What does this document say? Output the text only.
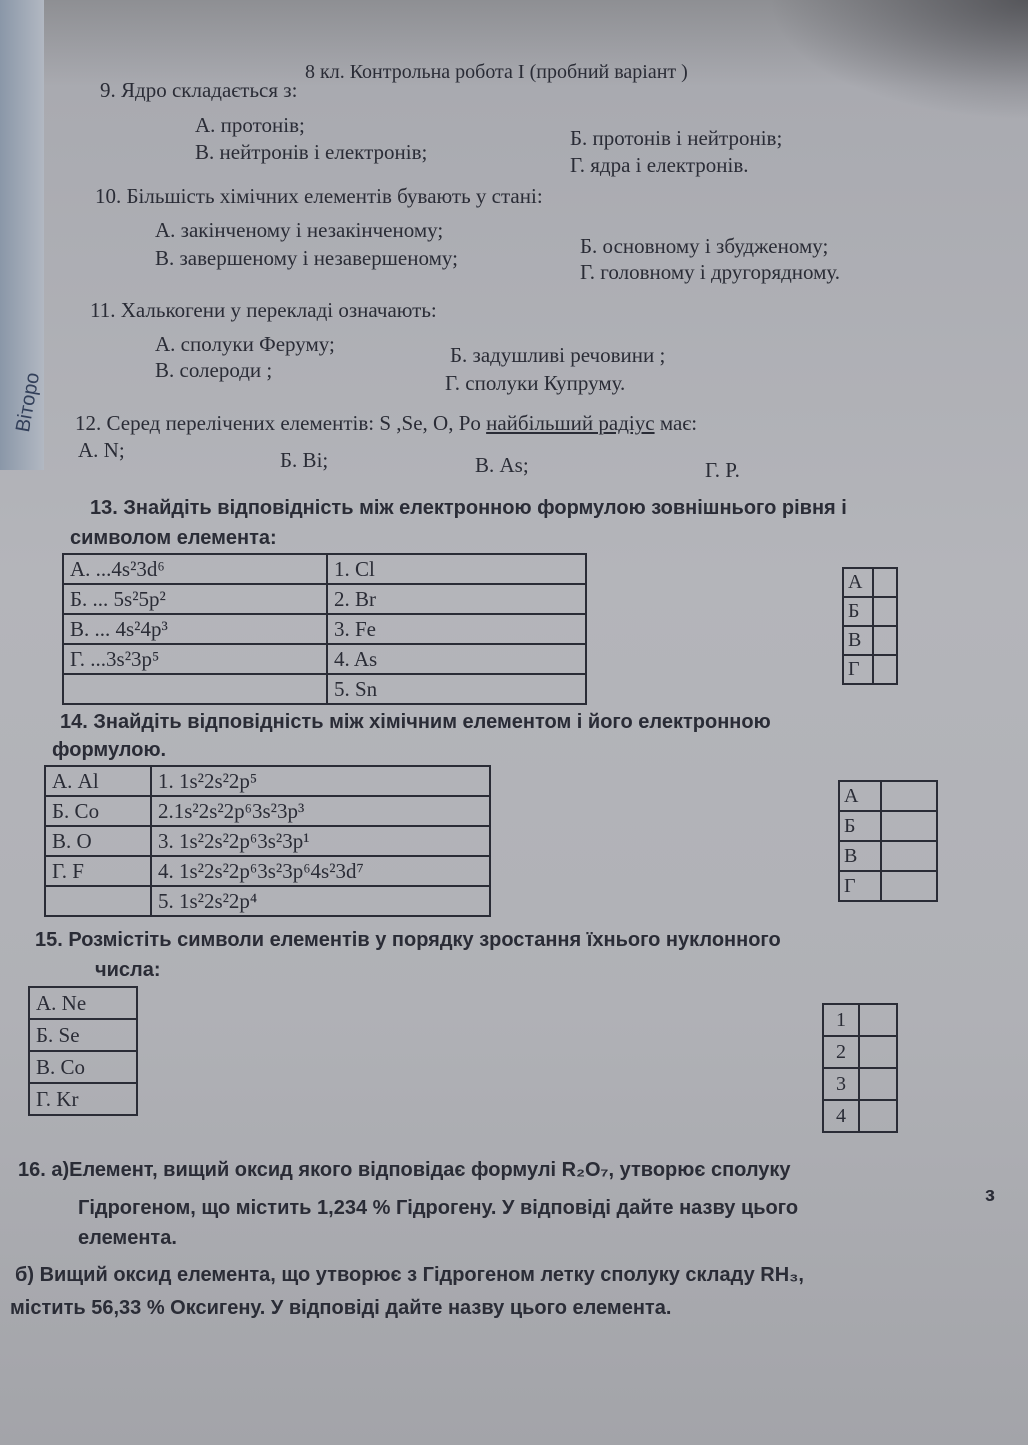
Віторо
8 кл. Контрольна робота І (пробний варіант )
9. Ядро складається з:
А. протонів;
Б. протонів і нейтронів;
В. нейтронів і електронів;
Г. ядра і електронів.
10. Більшість хімічних елементів бувають у стані:
А. закінченому і незакінченому;
Б. основному і збудженому;
В. завершеному і незавершеному;
Г. головному і другорядному.
11. Халькогени у перекладі означають:
А. сполуки Феруму;	Б. задушливі речовини ;
В. солероди ;
Г. сполуки Купруму.
12. Серед перелічених елементів: S ,Se, O, Po найбільший радіус має:
А. N;	Б. Bi;	В. As;	Г. P.
13. Знайдіть відповідність між електронною формулою зовнішнього рівня і
символом елемента:
А. ...4s²3d⁶	1. Cl
Б. ... 5s²5p²	2. Br
В. ... 4s²4p³	3. Fe
Г. ...3s²3p⁵	4. As
	5. Sn
А	
Б	
В	
Г	
14. Знайдіть відповідність між хімічним елементом і його електронною
формулою.
А. Al	1. 1s²2s²2p⁵
Б. Co	2.1s²2s²2p⁶3s²3p³
В. O	3. 1s²2s²2p⁶3s²3p¹
Г. F	4. 1s²2s²2p⁶3s²3p⁶4s²3d⁷
	5. 1s²2s²2p⁴
А	
Б	
В	
Г	
15. Розмістіть символи елементів у порядку зростання їхнього нуклонного
числа:
А. Ne
Б. Se
В. Co
Г. Kr
1	
2	
3	
4	
16. а)Елемент, вищий оксид якого відповідає формулі R₂O₇, утворює сполуку
з
Гідрогеном, що містить 1,234 % Гідрогену. У відповіді дайте назву цього
елемента.
б) Вищий оксид елемента, що утворює з Гідрогеном летку сполуку складу RH₃,
містить 56,33 % Оксигену. У відповіді дайте назву цього елемента.
